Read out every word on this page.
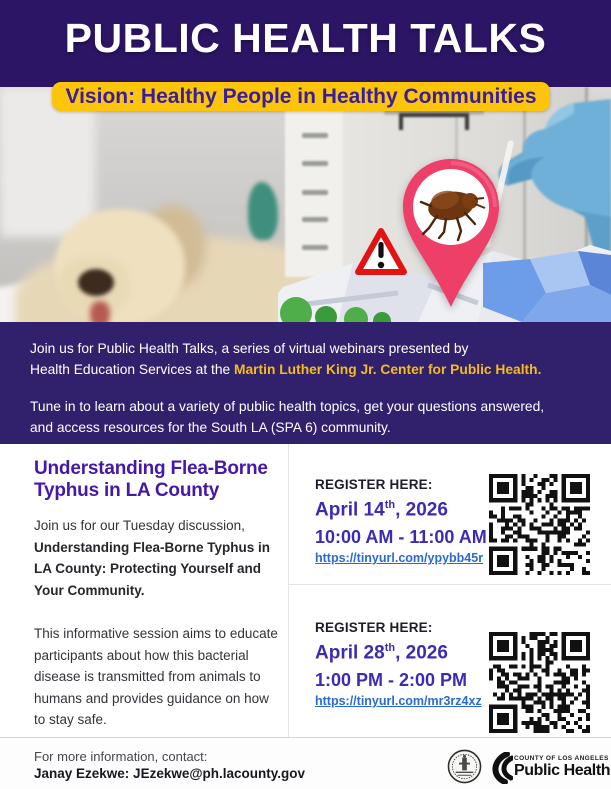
PUBLIC HEALTH TALKS
Vision: Healthy People in Healthy Communities
Join us for Public Health Talks, a series of virtual webinars presented by
Health Education Services at the Martin Luther King Jr. Center for Public Health.
Tune in to learn about a variety of public health topics, get your questions answered,
and access resources for the South LA (SPA 6) community.
Understanding Flea-Borne Typhus in LA County

Join us for our Tuesday discussion, Understanding Flea-Borne Typhus in LA County: Protecting Yourself and Your Community.

This informative session aims to educate participants about how this bacterial disease is transmitted from animals to humans and provides guidance on how to stay safe.

REGISTER HERE:
April 14th, 2026
10:00 AM - 11:00 AM
https://tinyurl.com/ypybb45r
REGISTER HERE:
April 28th, 2026
1:00 PM - 2:00 PM
https://tinyurl.com/mr3rz4xz
For more information, contact:
Janay Ezekwe: JEzekwe@ph.lacounty.gov
COUNTY OF LOS ANGELES
Public Health
